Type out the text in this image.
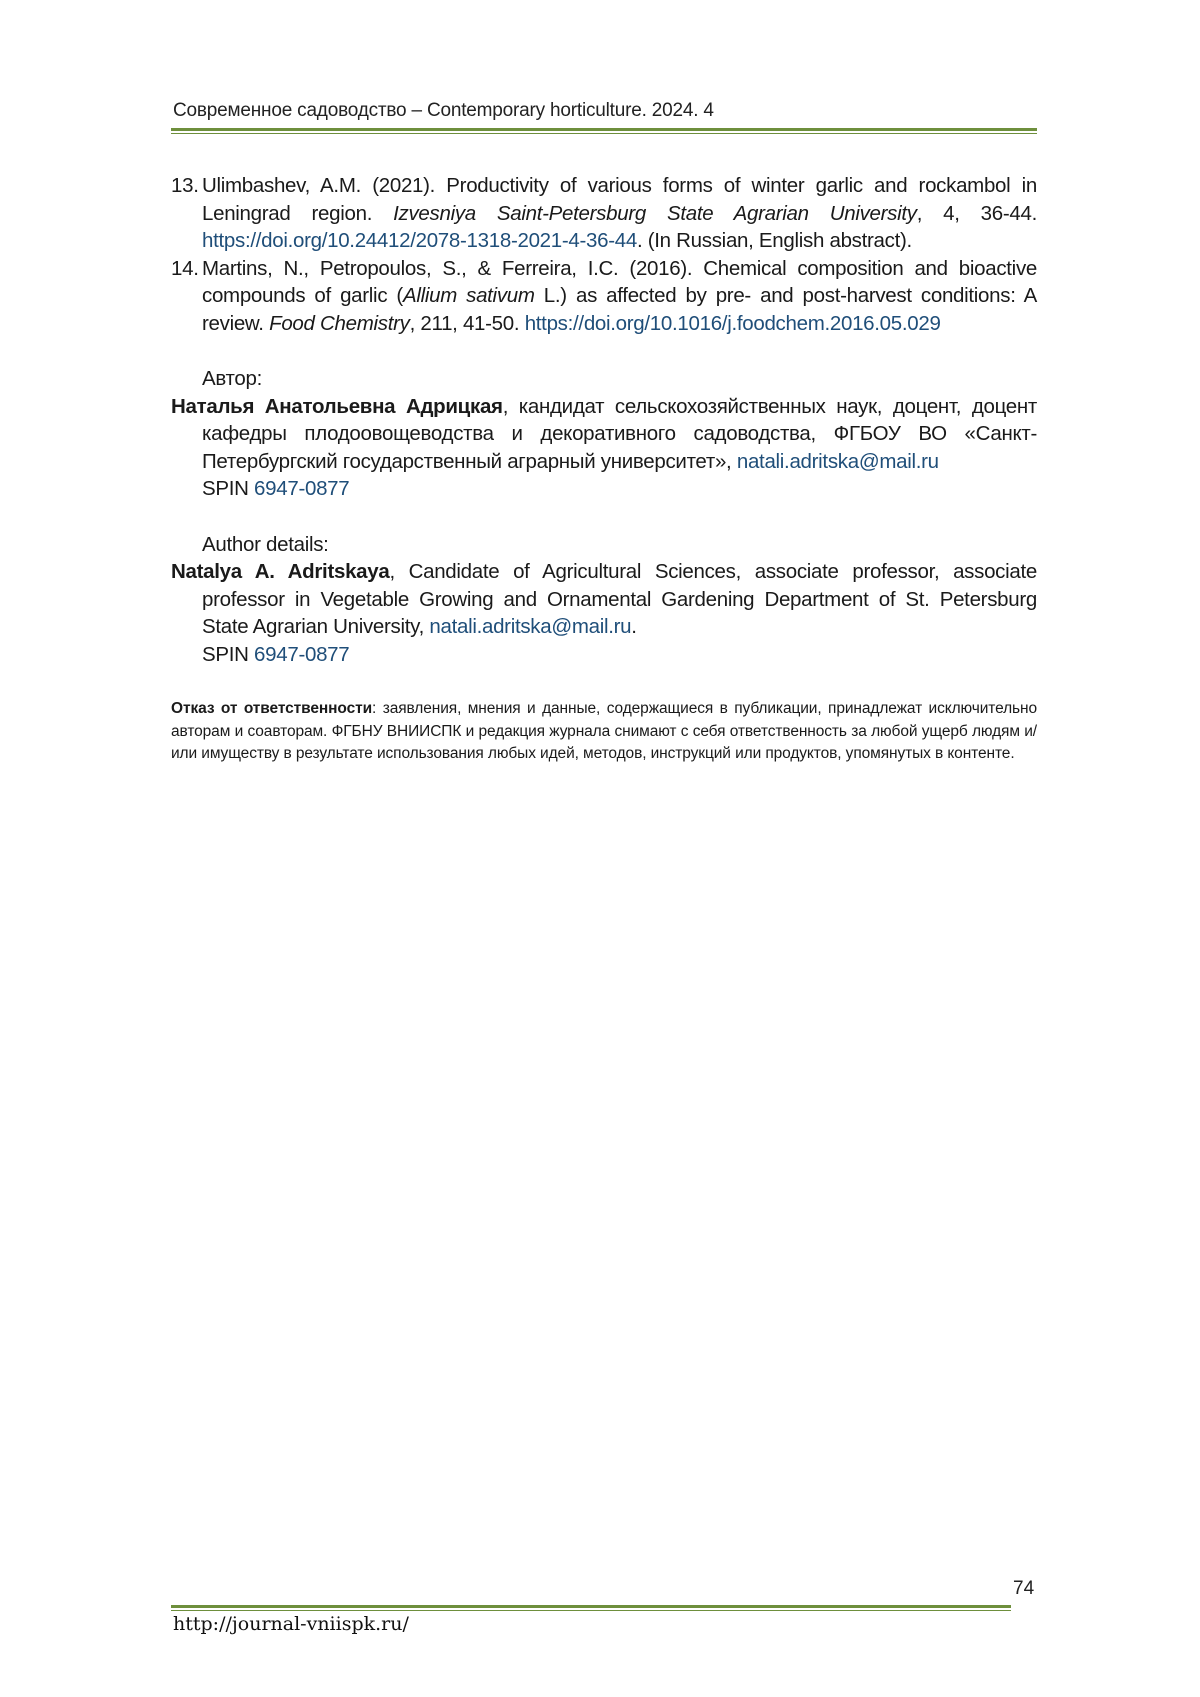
Современное садоводство – Contemporary horticulture. 2024. 4
13. Ulimbashev, A.M. (2021). Productivity of various forms of winter garlic and rockambol in Leningrad region. Izvesniya Saint-Petersburg State Agrarian University, 4, 36-44. https://doi.org/10.24412/2078-1318-2021-4-36-44. (In Russian, English abstract).
14. Martins, N., Petropoulos, S., & Ferreira, I.C. (2016). Chemical composition and bioactive compounds of garlic (Allium sativum L.) as affected by pre- and post-harvest conditions: A review. Food Chemistry, 211, 41-50. https://doi.org/10.1016/j.foodchem.2016.05.029
Автор:
Наталья Анатольевна Адрицкая, кандидат сельскохозяйственных наук, доцент, доцент кафедры плодоовощеводства и декоративного садоводства, ФГБОУ ВО «Санкт-Петербургский государственный аграрный университет», natali.adritska@mail.ru
SPIN 6947-0877
Author details:
Natalya A. Adritskaya, Candidate of Agricultural Sciences, associate professor, associate professor in Vegetable Growing and Ornamental Gardening Department of St. Petersburg State Agrarian University, natali.adritska@mail.ru.
SPIN 6947-0877
Отказ от ответственности: заявления, мнения и данные, содержащиеся в публикации, принадлежат исключительно авторам и соавторам. ФГБНУ ВНИИСПК и редакция журнала снимают с себя ответственность за любой ущерб людям и/или имуществу в результате использования любых идей, методов, инструкций или продуктов, упомянутых в контенте.
74
http://journal-vniispk.ru/
